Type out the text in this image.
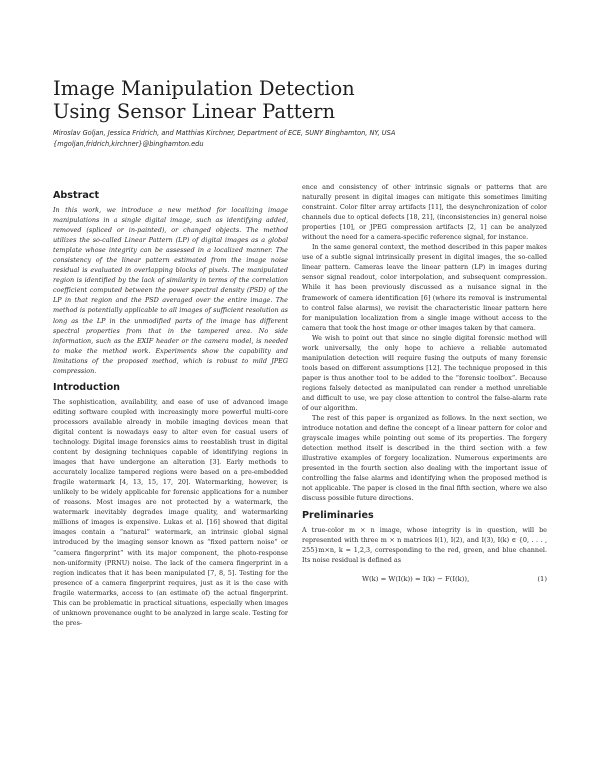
Image Manipulation Detection
Using Sensor Linear Pattern
Miroslav Goljan, Jessica Fridrich, and Matthias Kirchner, Department of ECE, SUNY Binghamton, NY, USA
{mgoljan,fridrich,kirchner}@binghamton.edu
Abstract

In this work, we introduce a new method for localizing image manipulations in a single digital image, such as identifying added, removed (spliced or in-painted), or changed objects. The method utilizes the so-called Linear Pattern (LP) of digital images as a global template whose integrity can be assessed in a localized manner. The consistency of the linear pattern estimated from the image noise residual is evaluated in overlapping blocks of pixels. The manipulated region is identified by the lack of similarity in terms of the correlation coefficient computed between the power spectral density (PSD) of the LP in that region and the PSD averaged over the entire image. The method is potentially applicable to all images of sufficient resolution as long as the LP in the unmodified parts of the image has different spectral properties from that in the tampered area. No side information, such as the EXIF header or the camera model, is needed to make the method work. Experiments show the capability and limitations of the proposed method, which is robust to mild JPEG compression.

Introduction

The sophistication, availability, and ease of use of advanced image editing software coupled with increasingly more powerful multi-core processors available already in mobile imaging devices mean that digital content is nowadays easy to alter even for casual users of technology. Digital image forensics aims to reestablish trust in digital content by designing techniques capable of identifying regions in images that have undergone an alteration [3]. Early methods to accurately localize tampered regions were based on a pre-embedded fragile watermark [4, 13, 15, 17, 20]. Watermarking, however, is unlikely to be widely applicable for forensic applications for a number of reasons. Most images are not protected by a watermark, the watermark inevitably degrades image quality, and watermarking millions of images is expensive. Lukas et al. [16] showed that digital images contain a “natural” watermark, an intrinsic global signal introduced by the imaging sensor known as “fixed pattern noise” or “camera fingerprint” with its major component, the photo-response non-uniformity (PRNU) noise. The lack of the camera fingerprint in a region indicates that it has been manipulated [7, 8, 5]. Testing for the presence of a camera fingerprint requires, just as it is the case with fragile watermarks, access to (an estimate of) the actual fingerprint. This can be problematic in practical situations, especially when images of unknown provenance ought to be analyzed in large scale. Testing for the pres-

ence and consistency of other intrinsic signals or patterns that are naturally present in digital images can mitigate this sometimes limiting constraint. Color filter array artifacts [11], the desynchronization of color channels due to optical defects [18, 21], (inconsistencies in) general noise properties [10], or JPEG compression artifacts [2, 1] can be analyzed without the need for a camera-specific reference signal, for instance.

In the same general context, the method described in this paper makes use of a subtle signal intrinsically present in digital images, the so-called linear pattern. Cameras leave the linear pattern (LP) in images during sensor signal readout, color interpolation, and subsequent compression. While it has been previously discussed as a nuisance signal in the framework of camera identification [6] (where its removal is instrumental to control false alarms), we revisit the characteristic linear pattern here for manipulation localization from a single image without access to the camera that took the host image or other images taken by that camera.

We wish to point out that since no single digital forensic method will work universally, the only hope to achieve a reliable automated manipulation detection will require fusing the outputs of many forensic tools based on different assumptions [12]. The technique proposed in this paper is thus another tool to be added to the “forensic toolbox”. Because regions falsely detected as manipulated can render a method unreliable and difficult to use, we pay close attention to control the false-alarm rate of our algorithm.

The rest of this paper is organized as follows. In the next section, we introduce notation and define the concept of a linear pattern for color and grayscale images while pointing out some of its properties. The forgery detection method itself is described in the third section with a few illustrative examples of forgery localization. Numerous experiments are presented in the fourth section also dealing with the important issue of controlling the false alarms and identifying when the proposed method is not applicable. The paper is closed in the final fifth section, where we also discuss possible future directions.

Preliminaries

A true-color m × n image, whose integrity is in question, will be represented with three m × n matrices I(1), I(2), and I(3), I(k) ∈ {0, . . . , 255}m×n, k = 1,2,3, corresponding to the red, green, and blue channel. Its noise residual is defined as

W(k) = W(I(k)) = I(k) − F(I(k)),	(1)
